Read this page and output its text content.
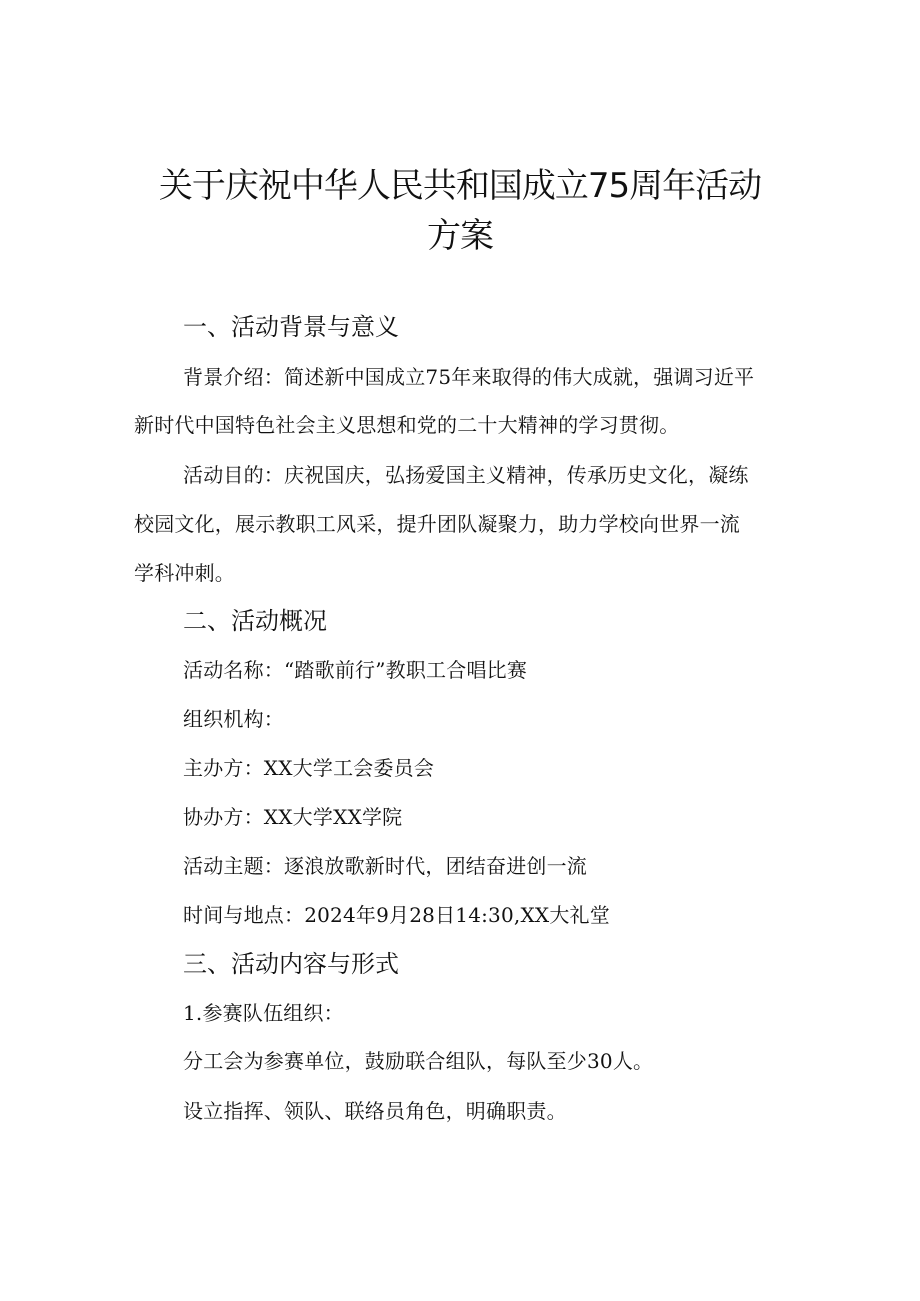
关于庆祝中华人民共和国成立75周年活动
方案
一、活动背景与意义

背景介绍：简述新中国成立75年来取得的伟大成就，强调习近平

新时代中国特色社会主义思想和党的二十大精神的学习贯彻。

活动目的：庆祝国庆，弘扬爱国主义精神，传承历史文化，凝练

校园文化，展示教职工风采，提升团队凝聚力，助力学校向世界一流

学科冲刺。

二、活动概况

活动名称：“踏歌前行”教职工合唱比赛

组织机构：

主办方：XX大学工会委员会

协办方：XX大学XX学院

活动主题：逐浪放歌新时代，团结奋进创一流

时间与地点：2024年9月28日14:30,XX大礼堂

三、活动内容与形式

1.参赛队伍组织：

分工会为参赛单位，鼓励联合组队，每队至少30人。

设立指挥、领队、联络员角色，明确职责。
